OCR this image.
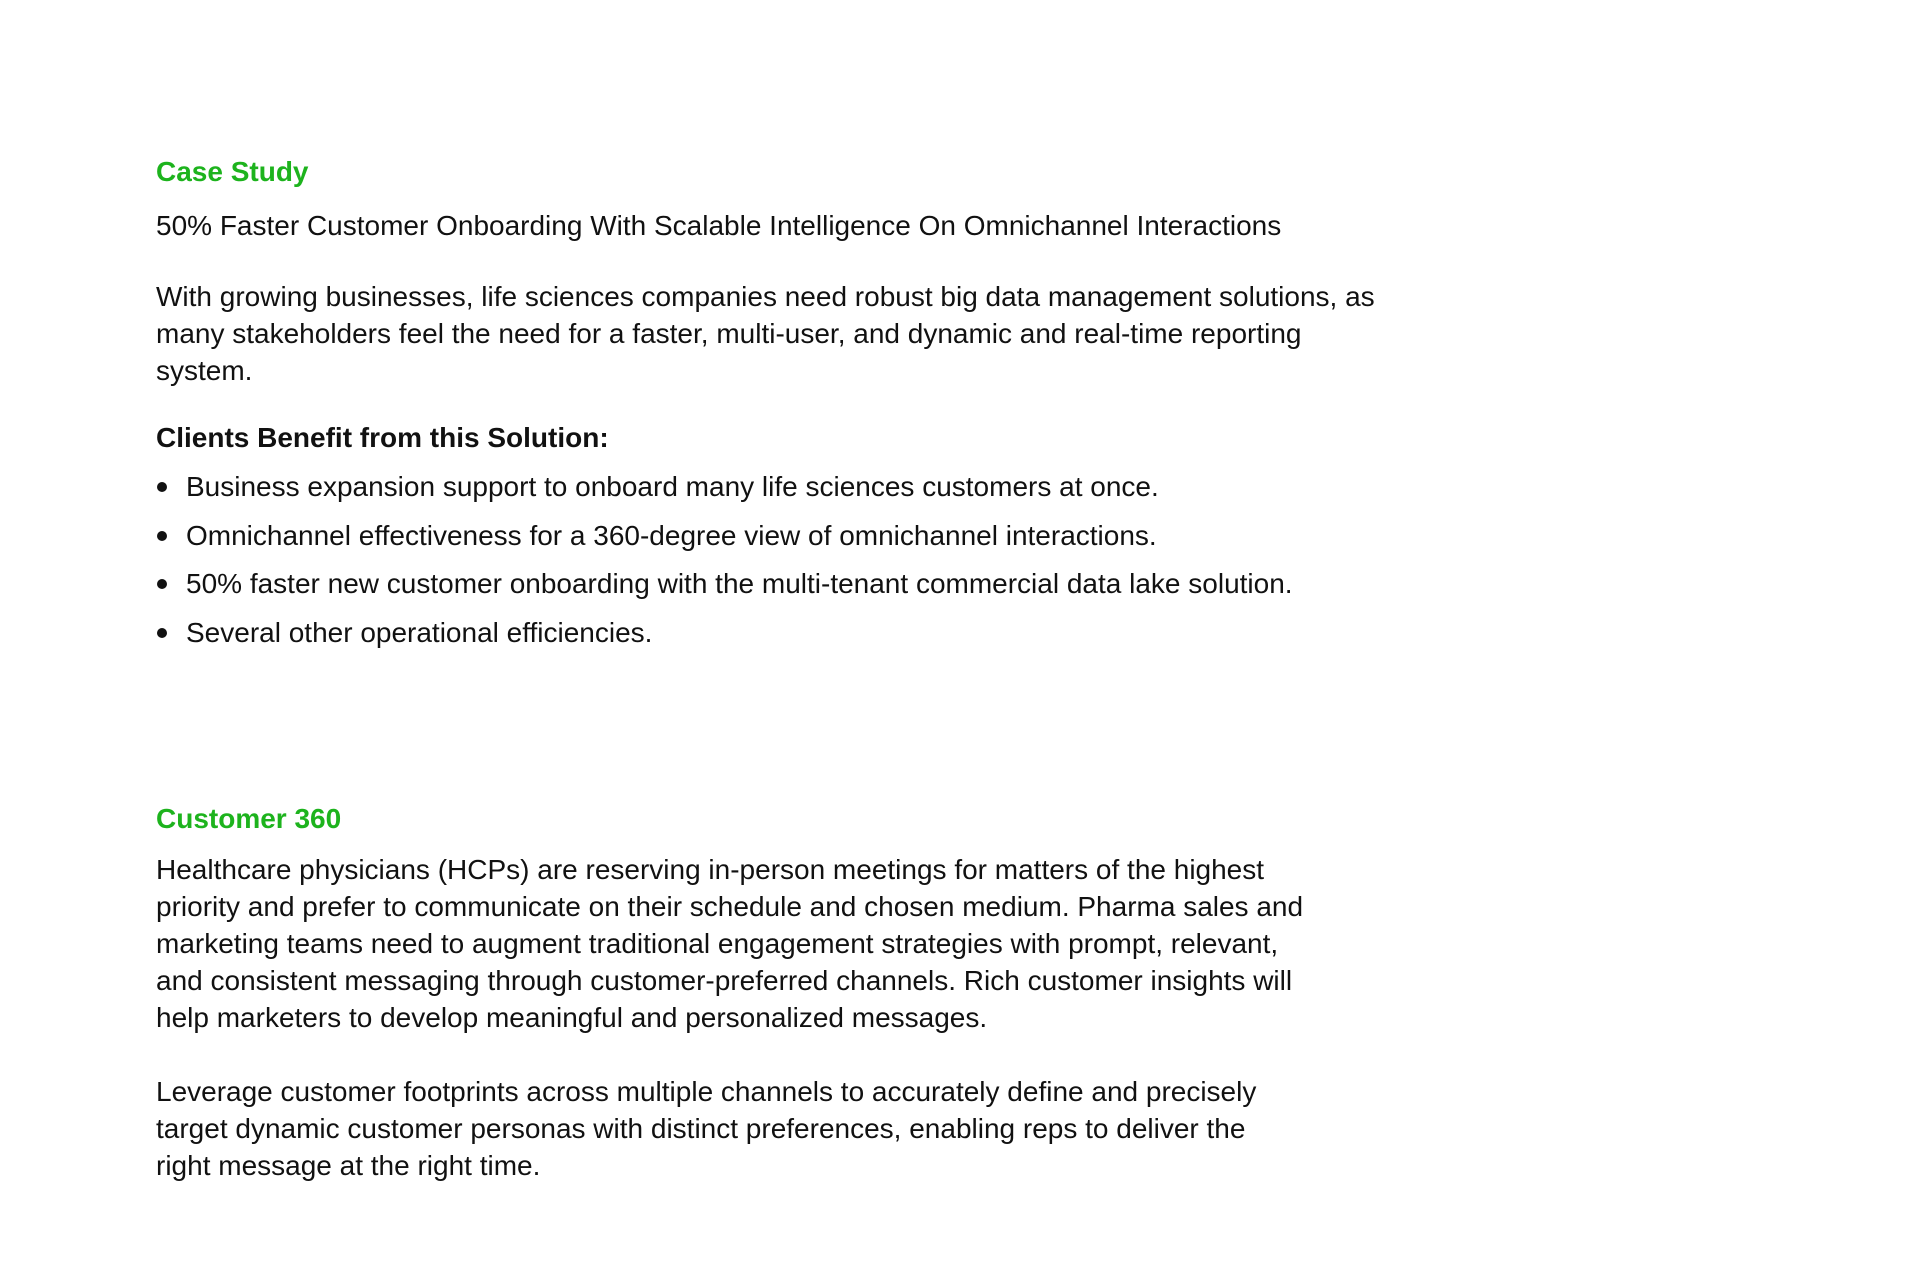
Case Study

50% Faster Customer Onboarding With Scalable Intelligence On Omnichannel Interactions

With growing businesses, life sciences companies need robust big data management solutions, as many stakeholders feel the need for a faster, multi-user, and dynamic and real-time reporting system.

Clients Benefit from this Solution:
Business expansion support to onboard many life sciences customers at once.
Omnichannel effectiveness for a 360-degree view of omnichannel interactions.
50% faster new customer onboarding with the multi-tenant commercial data lake solution.
Several other operational efficiencies.
Customer 360

Healthcare physicians (HCPs) are reserving in-person meetings for matters of the highest priority and prefer to communicate on their schedule and chosen medium. Pharma sales and marketing teams need to augment traditional engagement strategies with prompt, relevant, and consistent messaging through customer-preferred channels. Rich customer insights will help marketers to develop meaningful and personalized messages.

Leverage customer footprints across multiple channels to accurately define and precisely target dynamic customer personas with distinct preferences, enabling reps to deliver the right message at the right time.
